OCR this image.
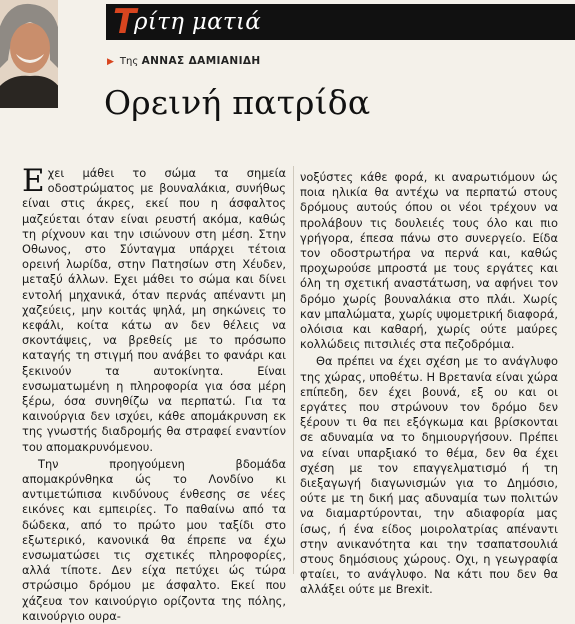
Τ
ρίτη ματιά
▶ Της ΑΝΝΑΣ ΔΑΜΙΑΝΙΔΗ
Ορεινή πατρίδα

Εχει μάθει το σώμα τα σημεία οδοστρώματος με βουναλάκια, συνήθως είναι στις άκρες, εκεί που η άσφαλτος μαζεύεται όταν είναι ρευστή ακόμα, καθώς τη ρίχνουν και την ισιώνουν στη μέση. Στην Οθωνος, στο Σύνταγμα υπάρχει τέτοια ορεινή λωρίδα, στην Πατησίων στη Χέυδεν, μεταξύ άλλων. Εχει μάθει το σώμα και δίνει εντολή μηχανικά, όταν περνάς απέναντι μη χαζεύεις, μην κοιτάς ψηλά, μη σηκώνεις το κεφάλι, κοίτα κάτω αν δεν θέλεις να σκοντάψεις, να βρεθείς με το πρόσωπο καταγής τη στιγμή που ανάβει το φανάρι και ξεκινούν τα αυτοκίνητα. Είναι ενσωματωμένη η πληροφορία για όσα μέρη ξέρω, όσα συνηθίζω να περπατώ. Για τα καινούργια δεν ισχύει, κάθε απομάκρυνση εκ της γνωστής διαδρομής θα στραφεί εναντίον του απομακρυνόμενου.

Την προηγούμενη βδομάδα απομακρύνθηκα ώς το Λονδίνο κι αντιμετώπισα κινδύνους ένθεσης σε νέες εικόνες και εμπειρίες. Το παθαίνω από τα δώδεκα, από το πρώτο μου ταξίδι στο εξωτερικό, κανονικά θα έπρεπε να έχω ενσωματώσει τις σχετικές πληροφορίες, αλλά τίποτε. Δεν είχα πετύχει ώς τώρα στρώσιμο δρόμου με άσφαλτο. Εκεί που χάζευα τον καινούργιο ορίζοντα της πόλης, καινούργιο ουρα-

νοξύστες κάθε φορά, κι αναρωτιόμουν ώς ποια ηλικία θα αντέχω να περπατώ στους δρόμους αυτούς όπου οι νέοι τρέχουν να προλάβουν τις δουλειές τους όλο και πιο γρήγορα, έπεσα πάνω στο συνεργείο. Είδα τον οδοστρωτήρα να περνά και, καθώς προχωρούσε μπροστά με τους εργάτες και όλη τη σχετική αναστάτωση, να αφήνει τον δρόμο χωρίς βουναλάκια στο πλάι. Χωρίς καν μπαλώματα, χωρίς υψομετρική διαφορά, ολόισια και καθαρή, χωρίς ούτε μαύρες κολλώδεις πιτσιλιές στα πεζοδρόμια.

Θα πρέπει να έχει σχέση με το ανάγλυφο της χώρας, υποθέτω. Η Βρετανία είναι χώρα επίπεδη, δεν έχει βουνά, εξ ου και οι εργάτες που στρώνουν τον δρόμο δεν ξέρουν τι θα πει εξόγκωμα και βρίσκονται σε αδυναμία να το δημιουργήσουν. Πρέπει να είναι υπαρξιακό το θέμα, δεν θα έχει σχέση με τον επαγγελματισμό ή τη διεξαγωγή διαγωνισμών για το Δημόσιο, ούτε με τη δική μας αδυναμία των πολιτών να διαμαρτύρονται, την αδιαφορία μας ίσως, ή ένα είδος μοιρολατρίας απέναντι στην ανικανότητα και την τσαπατσουλιά στους δημόσιους χώρους. Οχι, η γεωγραφία φταίει, το ανάγλυφο. Να κάτι που δεν θα αλλάξει ούτε με Brexit.
